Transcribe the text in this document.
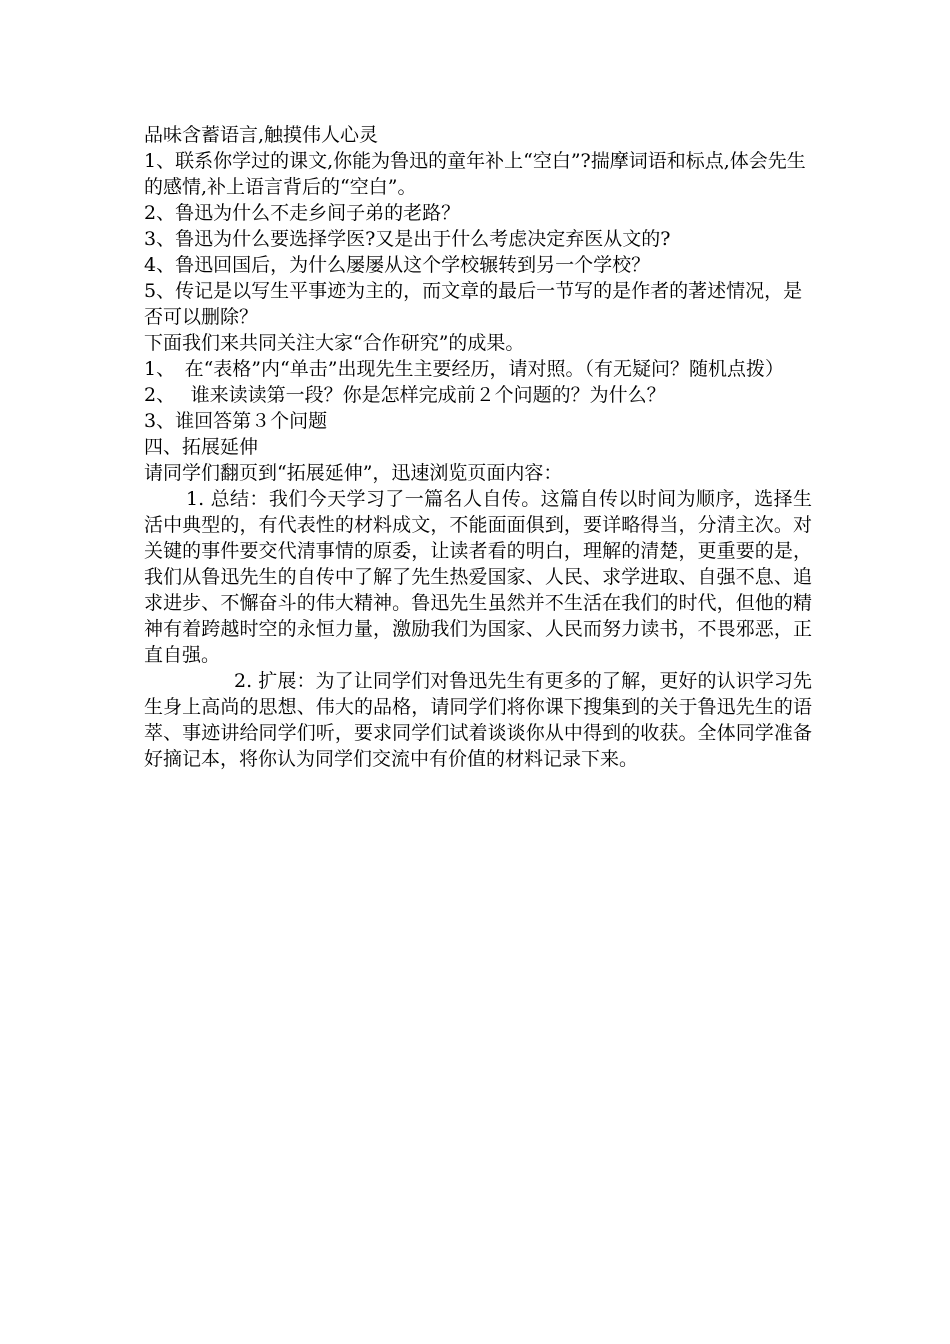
品味含蓄语言,触摸伟人心灵

1、联系你学过的课文,你能为鲁迅的童年补上“空白”?揣摩词语和标点,体会先生的感情,补上语言背后的“空白”。

2、鲁迅为什么不走乡间子弟的老路？

3、鲁迅为什么要选择学医?又是出于什么考虑决定弃医从文的?

4、鲁迅回国后，为什么屡屡从这个学校辗转到另一个学校？

5、传记是以写生平事迹为主的，而文章的最后一节写的是作者的著述情况，是否可以删除？

下面我们来共同关注大家“合作研究”的成果。

1、　在“表格”内“单击”出现先生主要经历，请对照。（有无疑问？随机点拨）

2、　 谁来读读第一段？你是怎样完成前２个问题的？为什么？

3、谁回答第３个问题

四、拓展延伸

请同学们翻页到“拓展延伸”，迅速浏览页面内容：

1. 总结：我们今天学习了一篇名人自传。这篇自传以时间为顺序，选择生活中典型的，有代表性的材料成文，不能面面俱到，要详略得当，分清主次。对关键的事件要交代清事情的原委，让读者看的明白，理解的清楚，更重要的是，我们从鲁迅先生的自传中了解了先生热爱国家、人民、求学进取、自强不息、追求进步、不懈奋斗的伟大精神。鲁迅先生虽然并不生活在我们的时代，但他的精神有着跨越时空的永恒力量，激励我们为国家、人民而努力读书，不畏邪恶，正直自强。

2. 扩展：为了让同学们对鲁迅先生有更多的了解，更好的认识学习先生身上高尚的思想、伟大的品格，请同学们将你课下搜集到的关于鲁迅先生的语萃、事迹讲给同学们听，要求同学们试着谈谈你从中得到的收获。全体同学准备好摘记本，将你认为同学们交流中有价值的材料记录下来。
